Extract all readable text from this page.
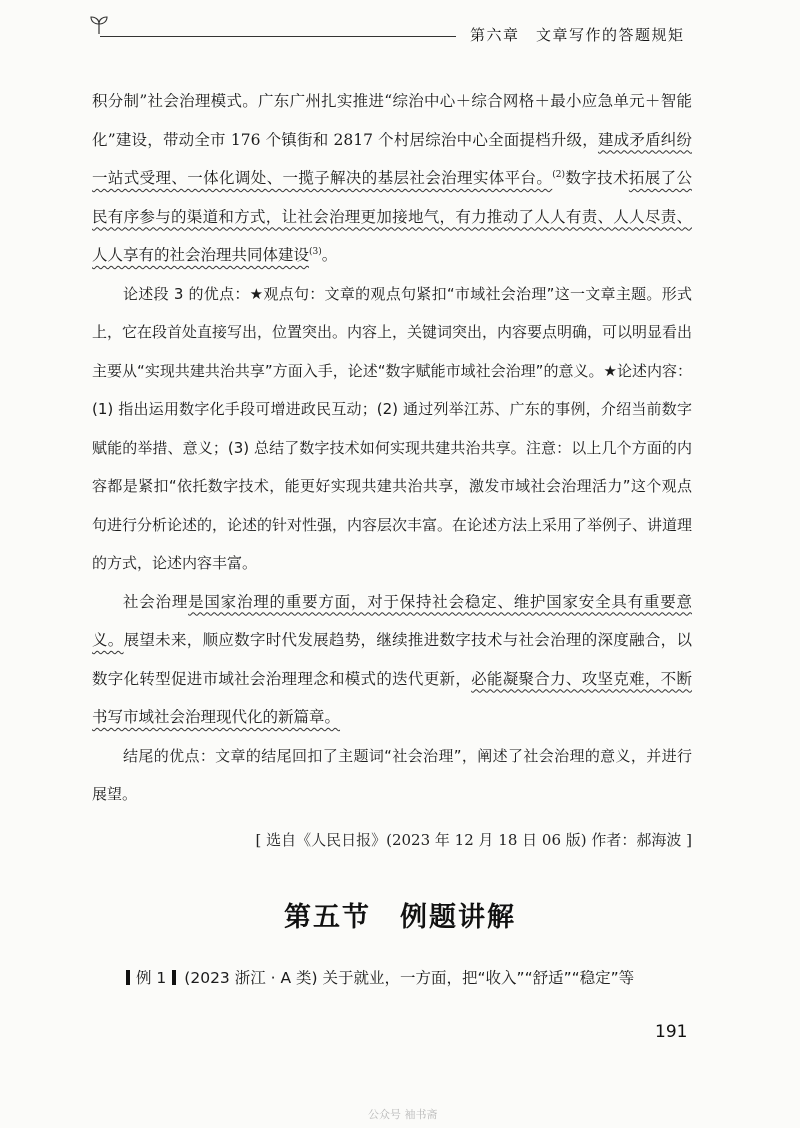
第六章　文章写作的答题规矩

积分制”社会治理模式。广东广州扎实推进“综治中心＋综合网格＋最小应急单元＋智能化”建设，带动全市 176 个镇街和 2817 个村居综治中心全面提档升级，建成矛盾纠纷一站式受理、一体化调处、一揽子解决的基层社会治理实体平台。$^{(2)}$数字技术拓展了公民有序参与的渠道和方式，让社会治理更加接地气，有力推动了人人有责、人人尽责、人人享有的社会治理共同体建设$^{(3)}$。

论述段 3 的优点：★观点句：文章的观点句紧扣“市域社会治理”这一文章主题。形式上，它在段首处直接写出，位置突出。内容上，关键词突出，内容要点明确，可以明显看出主要从“实现共建共治共享”方面入手，论述“数字赋能市域社会治理”的意义。★论述内容：(1) 指出运用数字化手段可增进政民互动；(2) 通过列举江苏、广东的事例，介绍当前数字赋能的举措、意义；(3) 总结了数字技术如何实现共建共治共享。注意：以上几个方面的内容都是紧扣“依托数字技术，能更好实现共建共治共享，激发市域社会治理活力”这个观点句进行分析论述的，论述的针对性强，内容层次丰富。在论述方法上采用了举例子、讲道理的方式，论述内容丰富。

社会治理是国家治理的重要方面，对于保持社会稳定、维护国家安全具有重要意义。展望未来，顺应数字时代发展趋势，继续推进数字技术与社会治理的深度融合，以数字化转型促进市域社会治理理念和模式的迭代更新，必能凝聚合力、攻坚克难，不断书写市域社会治理现代化的新篇章。

结尾的优点：文章的结尾回扣了主题词“社会治理”，阐述了社会治理的意义，并进行展望。

[ 选自《人民日报》(2023 年 12 月 18 日 06 版) 作者：郝海波 ]
第五节　例题讲解
例 1 (2023 浙江 · A 类) 关于就业，一方面，把“收入”“舒适”“稳定”等
191
公众号 袖书斋
